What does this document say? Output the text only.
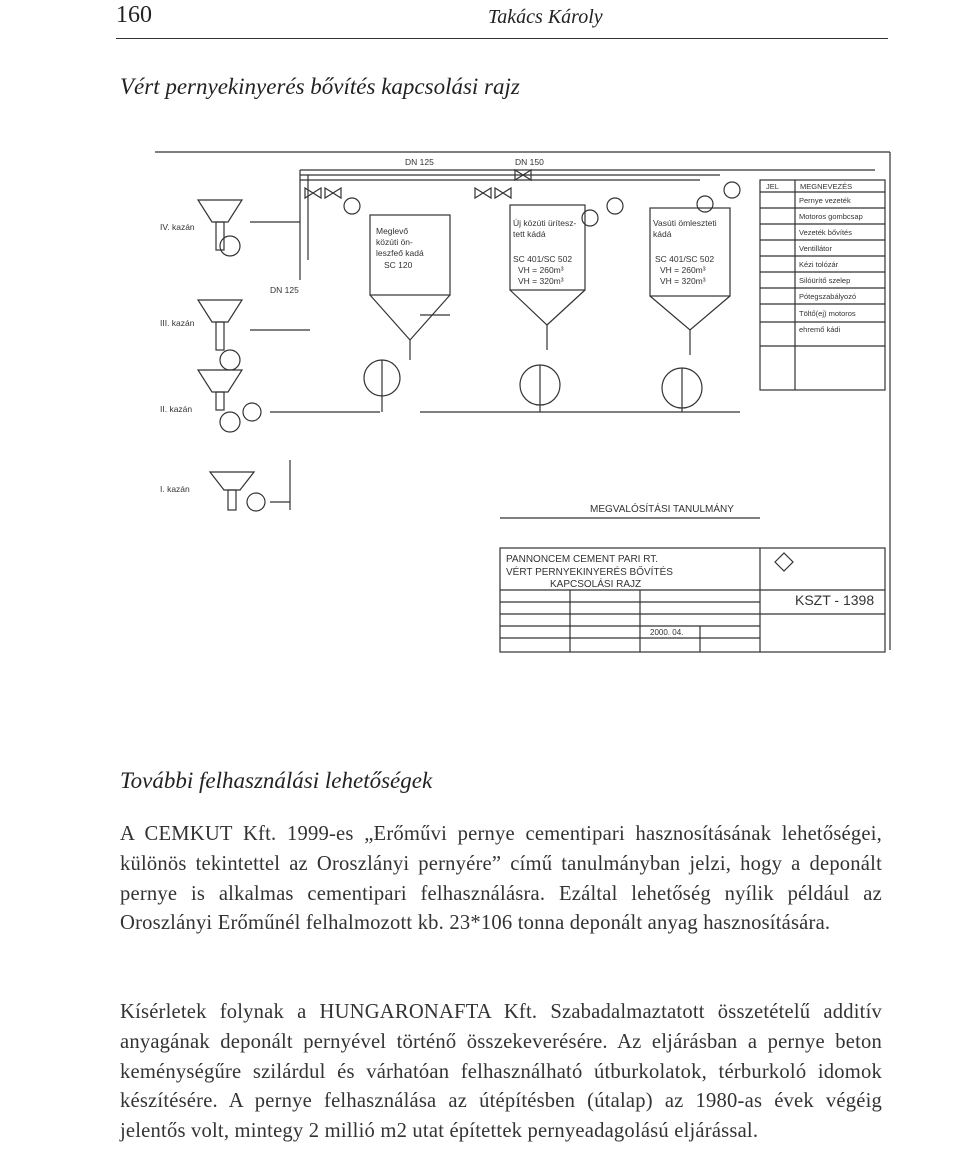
160	Takács Károly
Vért pernyekinyerés bővítés kapcsolási rajz
DN 125	DN 150
DN 125
IV. kazán
III. kazán
II. kazán
I. kazán
Meglevő
közúti ön-
leszfeő kadá
SC 120
Új közúti ürítesz-
tett kádá
SC 401/SC 502
VH = 260m³
VH = 320m³
Vasúti ömleszteti
kádá
SC 401/SC 502
VH = 260m³
VH = 320m³
JEL	MEGNEVEZÉS
Pernye vezeték
Motoros gombcsap
Vezeték bővítés
Ventillátor
Kézi tolózár
Silóürítő szelep
Pótegszabályozó
Töltő(ej) motoros
ehremő kádi
MEGVALÓSÍTÁSI TANULMÁNY
PANNONCEM CEMENT PARI RT.
VÉRT PERNYEKINYERÉS BŐVÍTÉS
KAPCSOLÁSI RAJZ
2000. 04.
KSZT - 1398
További felhasználási lehetőségek

A CEMKUT Kft. 1999-es „Erőművi pernye cementipari hasznosításának lehetőségei, különös tekintettel az Oroszlányi pernyére” című tanulmányban jelzi, hogy a deponált pernye is alkalmas cementipari felhasználásra. Ezáltal lehetőség nyílik például az Oroszlányi Erőműnél felhalmozott kb. 23*106 tonna deponált anyag hasznosítására.

Kísérletek folynak a HUNGARONAFTA Kft. Szabadalmaztatott összetételű additív anyagának deponált pernyével történő összekeverésére. Az eljárásban a pernye beton keménységűre szilárdul és várhatóan felhasználható útburkolatok, térburkoló idomok készítésére. A pernye felhasználása az útépítésben (útalap) az 1980-as évek végéig jelentős volt, mintegy 2 millió m2 utat építettek pernyeadagolású eljárással.
